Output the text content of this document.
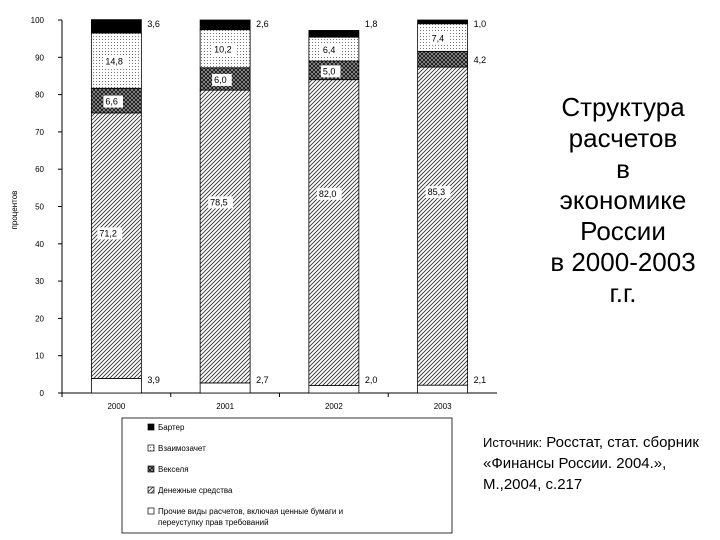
0
10
20
30
40
50
60
70
80
90
100
процентов
2000	2001	2002	2003
3,9
71,2
6,6
14,8
3,6
2,7
78,5
6,0
10,2
2,6
2,0
82,0
5,0
6,4
1,8
2,1
85,3
4,2
7,4
1,0
Бартер
Взаимозачет
Векселя
Денежные средства
Прочие виды расчетов, включая ценные бумаги и
переуступку прав требований
Структура
расчетов
в
экономике
России
в 2000-2003
г.г.
Источник: Росстат, стат. сборник «Финансы России. 2004.», М.,2004, с.217
